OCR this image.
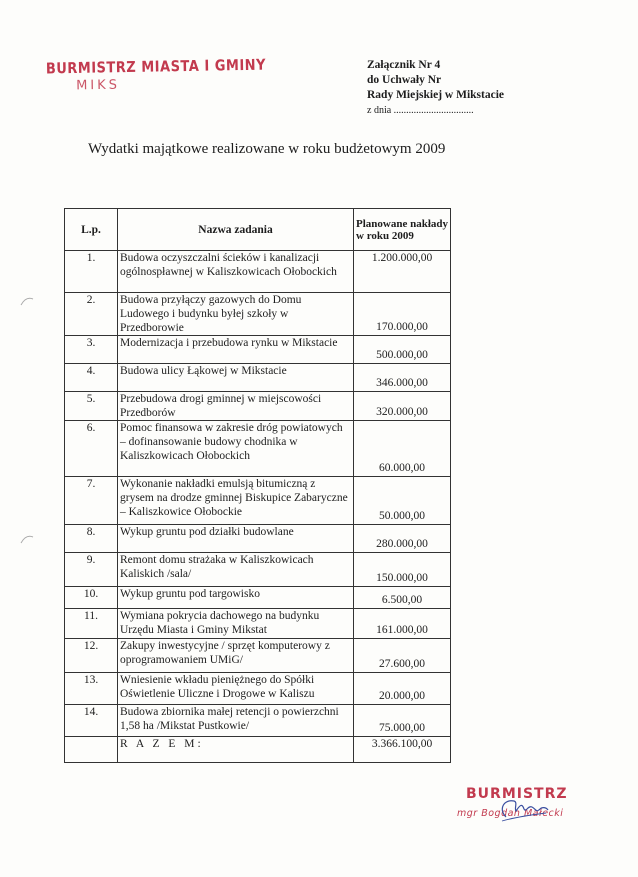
BURMISTRZ MIASTA I GMINY
MIKS
Załącznik Nr 4
do Uchwały Nr
Rady Miejskiej w Mikstacie
z dnia ................................
Wydatki majątkowe realizowane w roku budżetowym 2009
L.p.	Nazwa zadania	Planowane nakłady w roku 2009
1.	Budowa oczyszczalni ścieków i kanalizacji ogólnospławnej w Kaliszkowicach Ołobockich	1.200.000,00

2.	Budowa przyłączy gazowych do Domu Ludowego i budynku byłej szkoły w Przedborowie	170.000,00

3.	Modernizacja i przebudowa rynku w Mikstacie	500.000,00

4.	Budowa ulicy Łąkowej w Mikstacie	346.000,00

5.	Przebudowa drogi gminnej w miejscowości Przedborów	320.000,00

6.	Pomoc finansowa w zakresie dróg powiatowych – dofinansowanie budowy chodnika w Kaliszkowicach Ołobockich	60.000,00

7.	Wykonanie nakładki emulsją bitumiczną z grysem na drodze gminnej Biskupice Zabaryczne – Kaliszkowice Ołobockie	50.000,00

8.	Wykup gruntu pod działki budowlane	280.000,00

9.	Remont domu strażaka w Kaliszkowicach Kaliskich /sala/	150.000,00

10.	Wykup gruntu pod targowisko	6.500,00

11.	Wymiana pokrycia dachowego na budynku Urzędu Miasta i Gminy Mikstat	161.000,00

12.	Zakupy inwestycyjne / sprzęt komputerowy z oprogramowaniem UMiG/	27.600,00

13.	Wniesienie wkładu pieniężnego do Spółki Oświetlenie Uliczne i Drogowe w Kaliszu	20.000,00

14.	Budowa zbiornika małej retencji o powierzchni 1,58 ha /Mikstat Pustkowie/	75.000,00

	R A Z E M:	3.366.100,00
BURMISTRZ
mgr Bogdan Małecki
